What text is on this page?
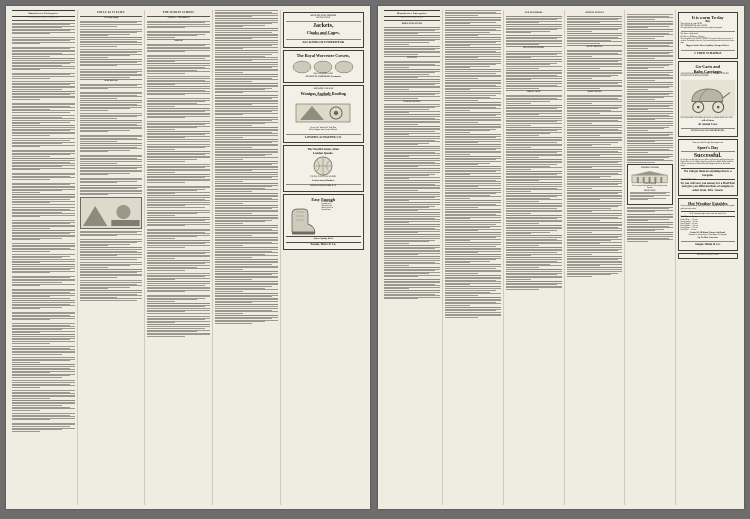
Manchester Enterprise
MANCHESTER, MICH., THURSDAY, DECEMBER 8, 1898.
FOLLY AS IT FLIES
A Few Sharp Sayings
In And About Town
THE SUNDAY SCHOOL
LESSON X. — DECEMBER 11
Golden Text
WE HAVE JUST OPENED
OUR FULL LINE OF
Jackets,
Cloaks and Capes,
Fine Goods. New Styles. Low Prices.
ALL KINDS OF UNDERWEAR
The Royal Worcester Corsets,
LONG AND SHORT WAISTS
SEATON W. ANDERSON, Tecumseh.
ANY ONE CAN LAY
Wanigas Asphalt Roofing
And it pays because it lasts.
Be sure it has "Indian Head" Trade Mark
On Each Wrapper. Same Genuine Without It.
LOWERY, SCHAFFER CO.
The World Listens when
London Speaks.
THE NEW FALL STYLES ARE HERE
Leaders in our Business
FOSTER & WEBSTER BROS. & CO.
Easy Enough
to find that rubber
boot that wears,
that fits the foot,
that keeps the feet
dry and warm.
Queen Quality $3.00
Yocum, Marx & Co.
Manchester Enterprise
PUBLISHED EVERY THURSDAY MORNING
BRIEF NEWS ITEMS
STATE NEWS
PERSONAL MENTION
OUR NEIGHBORS
REAL ESTATE TRANSFERS
PROBATE COURT
CHURCH NOTICES
SOCIETY MEETINGS
MARKET REPORT

PEOPLE'S BANK
CAPITAL $50,000
Does a general banking business. Interest paid on time deposits.
It is warm To-day
But
There will soon be a time WHEN
THE THERMOMETER will be LOWER.
The nights and days will grow cool and you ought to be prepared.
We have a big stock
Of Shoes, Rubbers, Gloves,
The best qualities at the LOWEST PRICES. You can't do better where-ever else at our store. Everything in Groceries, Dry Goods and notions and for sale at the lowest right.
Biggest Stock, Finest Quality, Cheapest Prices.
J. FRED SCHAIBLE
Go-Carts and
Baby Carriages
ARE MADE TO BE SOLD IN THIS HOUSE, IF YOU DON'T FIND THE CHEAPEST OF THE BEST ELSEWHERE.
THAT WILL BRING YOU HERE AND HAVE A LARGER STOCK OF CARTS
will sell them
At Actual Cost.
JENTER & RAUSCHENBERGER.
You were the People that made our
Sport's Day
Successful.
We will give you full value for every dollar's worth you buy, and begin to buy your Helmet Shoes, for the Children, they all wear. We do not handle Trashy Goods. We will have you money on Shirts and Overalls. Bargains that are the best for the money.
We will get them in anything that is a bargain.
FOR 26 CENTS A LEG
To you will save you money for a Half Pair and give you different lines of samples to select from. Mrs. Green.
Hot Weather Eatables
If you're going swimming, fishing, picnicking or camping or dining, we have just the goods you want, such as
Veal Loaf put up in one case for only 10c.
Potted Ham ....... 10c case
Deviled Ham ...... 10c case
Vienna Sausage ... 10c case
Potted Tongue .... 10c case
Boned Chicken .... 25c case
Lunch Tongue ..... 25c case
Sliced Beef ...... 15c case
Fruits Of All Kinds Always On Hand.
Remember we always keep a full assortment of fresh goods.
Up-To-Date Groceries
Jaeger, Dietle & Co.
THE TRUTH AS I SEE IT DAILY
